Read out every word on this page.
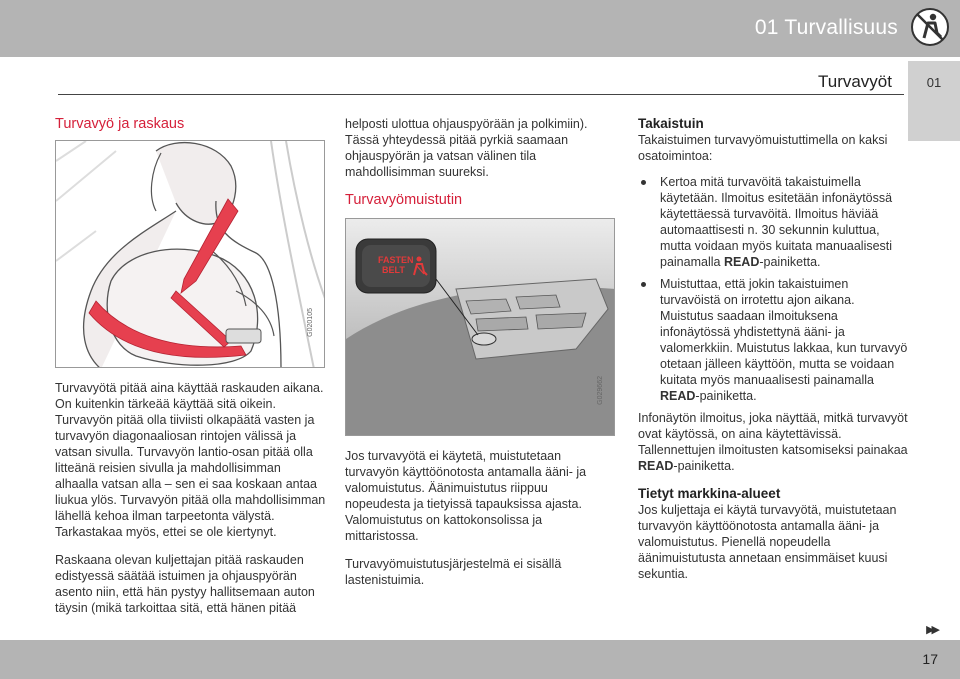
01 Turvallisuus
Turvavyöt	01
Turvavyö ja raskaus
G020105
Turvavyötä pitää aina käyttää raskauden aikana. On kuitenkin tärkeää käyttää sitä oikein. Turvavyön pitää olla tiiviisti olkapäätä vasten ja turvavyön diagonaaliosan rintojen välissä ja vatsan sivulla. Turvavyön lantio-osan pitää olla litteänä reisien sivulla ja mahdollisimman alhaalla vatsan alla – sen ei saa koskaan antaa liukua ylös. Turvavyön pitää olla mahdollisimman lähellä kehoa ilman tarpeetonta välystä. Tarkastakaa myös, ettei se ole kiertynyt.
Raskaana olevan kuljettajan pitää raskauden edistyessä säätää istuimen ja ohjauspyörän asento niin, että hän pystyy hallitsemaan auton täysin (mikä tarkoittaa sitä, että hänen pitää
helposti ulottua ohjauspyörään ja polkimiin). Tässä yhteydessä pitää pyrkiä saamaan ohjauspyörän ja vatsan välinen tila mahdollisimman suureksi.
Turvavyömuistutin
FASTEN
BELT
G029662
Jos turvavyötä ei käytetä, muistutetaan turvavyön käyttöönotosta antamalla ääni- ja valomuistutus. Äänimuistutus riippuu nopeudesta ja tietyissä tapauksissa ajasta. Valomuistutus on kattokonsolissa ja mittaristossa.
Turvavyömuistutusjärjestelmä ei sisällä lastenistuimia.
Takaistuin
Takaistuimen turvavyömuistuttimella on kaksi osatoimintoa:
Kertoa mitä turvavöitä takaistuimella käytetään. Ilmoitus esitetään infonäytössä käytettäessä turvavöitä. Ilmoitus häviää automaattisesti n. 30 sekunnin kuluttua, mutta voidaan myös kuitata manuaalisesti painamalla READ-painiketta.
Muistuttaa, että jokin takaistuimen turvavöistä on irrotettu ajon aikana. Muistutus saadaan ilmoituksena infonäytössä yhdistettynä ääni- ja valomerkkiin. Muistutus lakkaa, kun turvavyö otetaan jälleen käyttöön, mutta se voidaan kuitata myös manuaalisesti painamalla READ-painiketta.
Infonäytön ilmoitus, joka näyttää, mitkä turvavyöt ovat käytössä, on aina käytettävissä. Tallennettujen ilmoitusten katsomiseksi painakaa READ-painiketta.
Tietyt markkina-alueet
Jos kuljettaja ei käytä turvavyötä, muistutetaan turvavyön käyttöönotosta antamalla ääni- ja valomuistutus. Pienellä nopeudella äänimuistutusta annetaan ensimmäiset kuusi sekuntia.
▶▶
17
